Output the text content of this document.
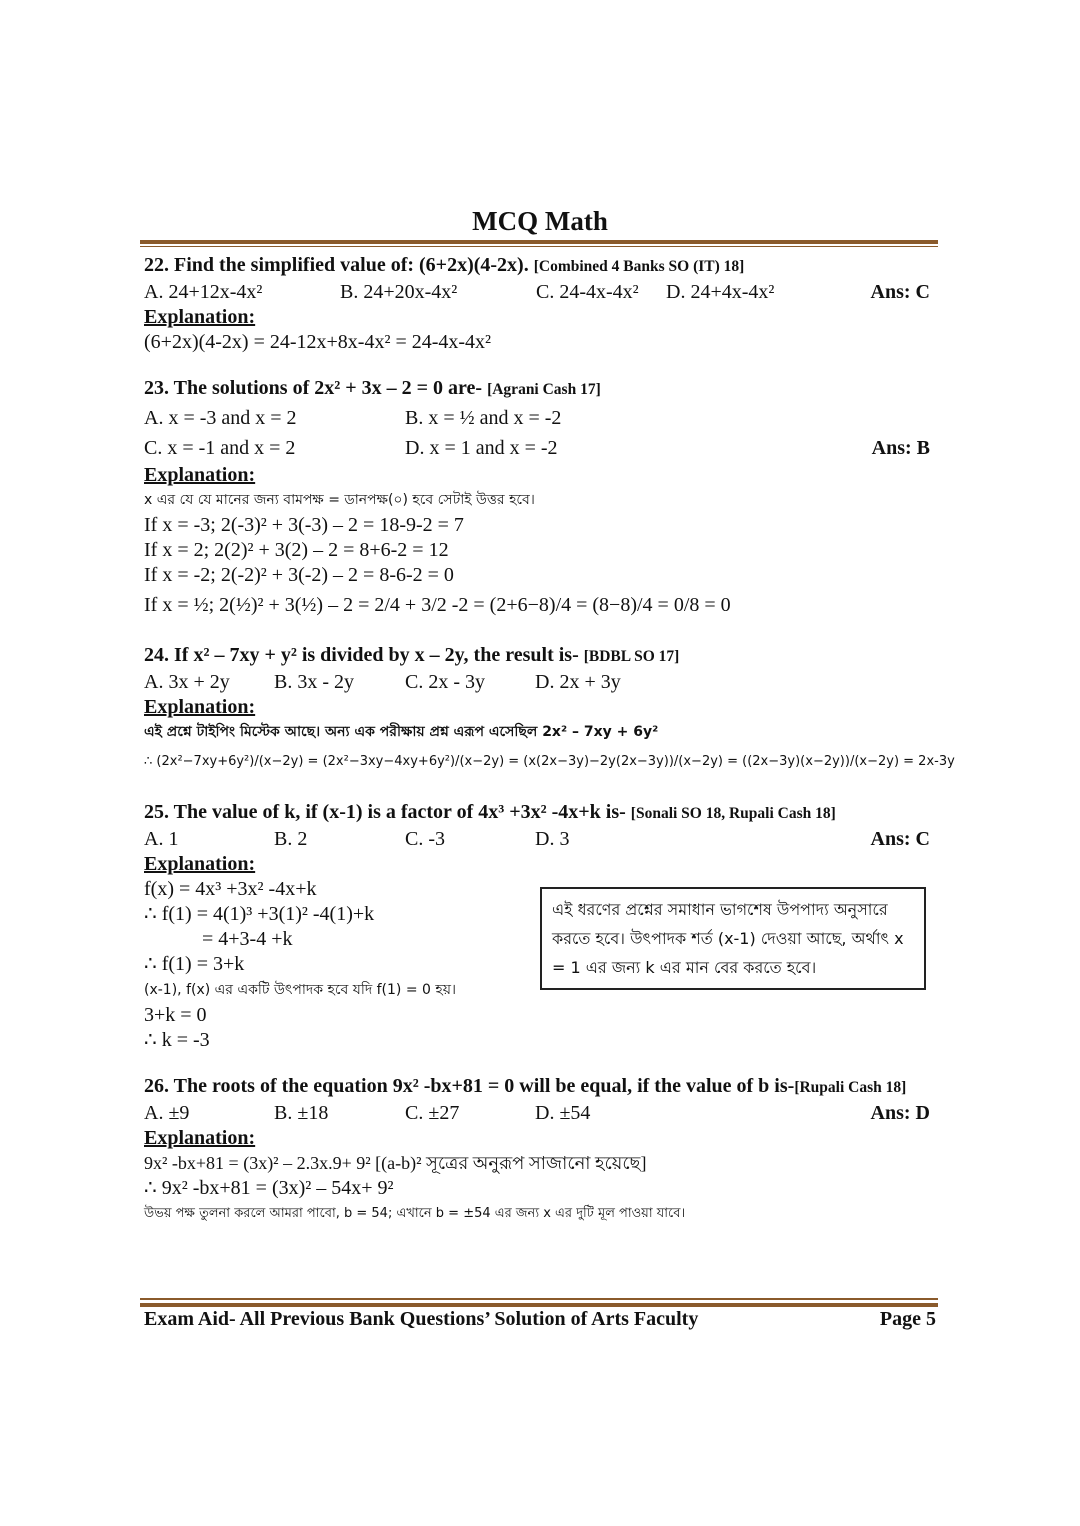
MCQ Math
22. Find the simplified value of: (6+2x)(4-2x). [Combined 4 Banks SO (IT) 18]
A. 24+12x-4x²	B. 24+20x-4x²	C. 24-4x-4x² D. 24+4x-4x²	Ans: C
Explanation:
(6+2x)(4-2x) = 24-12x+8x-4x² = 24-4x-4x²
23. The solutions of 2x² + 3x – 2 = 0 are- [Agrani Cash 17]
A. x = -3 and x = 2	B. x = ½ and x = -2
C. x = -1 and x = 2	D. x = 1 and x = -2	Ans: B
Explanation:
x এর যে যে মানের জন্য বামপক্ষ = ডানপক্ষ(০) হবে সেটাই উত্তর হবে।
If x = -3; 2(-3)² + 3(-3) – 2 = 18-9-2 = 7
If x = 2; 2(2)² + 3(2) – 2 = 8+6-2 = 12
If x = -2; 2(-2)² + 3(-2) – 2 = 8-6-2 = 0
If x = ½; 2(½)² + 3(½) – 2 = 2/4 + 3/2 -2 = (2+6−8)/4 = (8−8)/4 = 0/8 = 0
24. If x² – 7xy + y² is divided by x – 2y, the result is- [BDBL SO 17]
A. 3x + 2y B. 3x - 2y	C. 2x - 3y	D. 2x + 3y
Explanation:
এই প্রশ্নে টাইপিং মিস্টেক আছে। অন্য এক পরীক্ষায় প্রশ্ন এরূপ এসেছিল 2x² – 7xy + 6y²
∴ (2x²−7xy+6y²)/(x−2y) = (2x²−3xy−4xy+6y²)/(x−2y) = (x(2x−3y)−2y(2x−3y))/(x−2y) = ((2x−3y)(x−2y))/(x−2y) = 2x-3y
25. The value of k, if (x-1) is a factor of 4x³ +3x² -4x+k is- [Sonali SO 18, Rupali Cash 18]
A. 1	B. 2	C. -3	D. 3	Ans: C
Explanation:
f(x) = 4x³ +3x² -4x+k
∴ f(1) = 4(1)³ +3(1)² -4(1)+k
= 4+3-4 +k
∴ f(1) = 3+k
(x-1), f(x) এর একটি উৎপাদক হবে যদি f(1) = 0 হয়।
3+k = 0
∴ k = -3
26. The roots of the equation 9x² -bx+81 = 0 will be equal, if the value of b is-[Rupali Cash 18]
A. ±9	B. ±18	C. ±27	D. ±54	Ans: D
Explanation:
9x² -bx+81 = (3x)² – 2.3x.9+ 9² [(a-b)² সূত্রের অনুরূপ সাজানো হয়েছে]
∴ 9x² -bx+81 = (3x)² – 54x+ 9²
উভয় পক্ষ তুলনা করলে আমরা পাবো, b = 54; এখানে b = ±54 এর জন্য x এর দুটি মূল পাওয়া যাবে।
এই ধরণের প্রশ্নের সমাধান ভাগশেষ উপপাদ্য অনুসারে করতে হবে। উৎপাদক শর্ত (x-1) দেওয়া আছে, অর্থাৎ x = 1 এর জন্য k এর মান বের করতে হবে।
Exam Aid- All Previous Bank Questions’ Solution of Arts Faculty	Page 5
